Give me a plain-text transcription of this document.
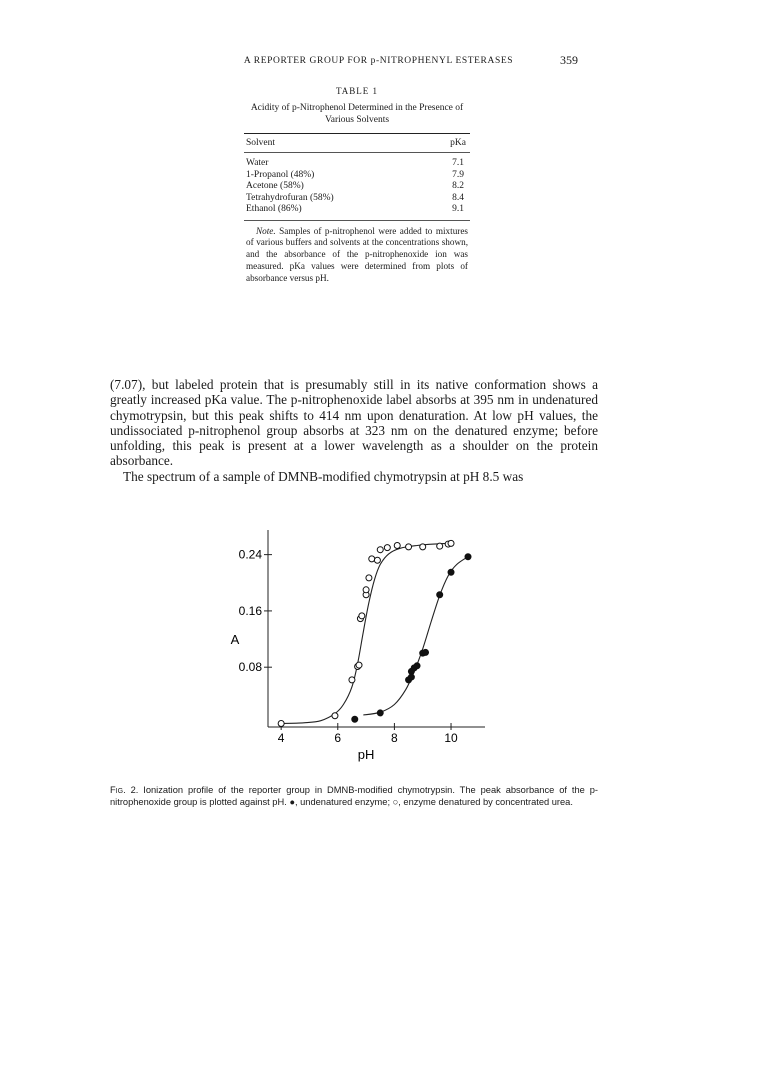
A REPORTER GROUP FOR p-NITROPHENYL ESTERASES	359
TABLE 1
Acidity of p-Nitrophenol Determined in the Presence of Various Solvents
Solvent	pKa
Water	7.1
1-Propanol (48%)	7.9
Acetone (58%)	8.2
Tetrahydrofuran (58%)	8.4
Ethanol (86%)	9.1
Note. Samples of p-nitrophenol were added to mixtures of various buffers and solvents at the concentrations shown, and the absorbance of the p-nitrophenoxide ion was measured. pKa values were determined from plots of absorbance versus pH.

(7.07), but labeled protein that is presumably still in its native conformation shows a greatly increased pKa value. The p-nitrophenoxide label absorbs at 395 nm in undenatured chymotrypsin, but this peak shifts to 414 nm upon denaturation. At low pH values, the undissociated p-nitrophenol group absorbs at 323 nm on the denatured enzyme; before unfolding, this peak is present at a lower wavelength as a shoulder on the protein absorbance.

The spectrum of a sample of DMNB-modified chymotrypsin at pH 8.5 was

4	6	8	10
0.08
0.16
0.24
pH
A
Fig. 2. Ionization profile of the reporter group in DMNB-modified chymotrypsin. The peak absorbance of the p-nitrophenoxide group is plotted against pH. ●, undenatured enzyme; ○, enzyme denatured by concentrated urea.
